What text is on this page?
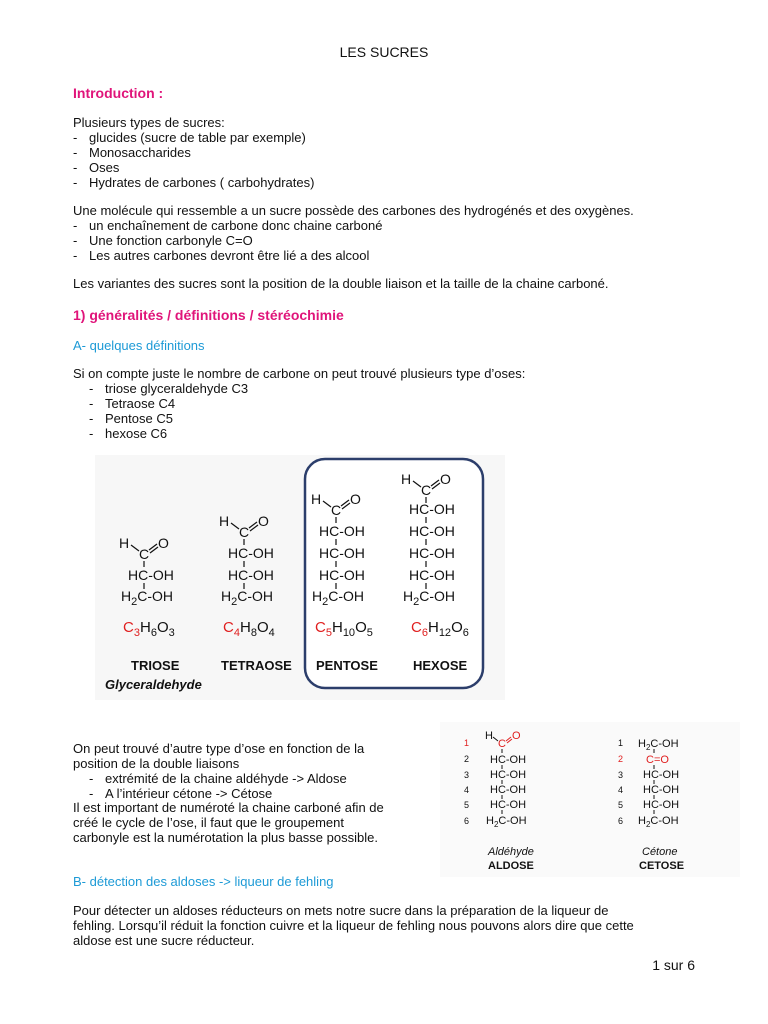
LES SUCRES
Introduction :
Plusieurs types de sucres:
- glucides (sucre de table par exemple)
- Monosaccharides
- Oses
- Hydrates de carbones ( carbohydrates)
Une molécule qui ressemble a un sucre possède des carbones des hydrogénés et des oxygènes.
- un enchaînement de carbone donc chaine carboné
- Une fonction carbonyle C=O
- Les autres carbones devront être lié a des alcool
Les variantes des sucres sont la position de la double liaison et la taille de la chaine carboné.
1) généralités / définitions / stéréochimie
A- quelques définitions
Si on compte juste le nombre de carbone on peut trouvé plusieurs type d’oses:
- triose glyceraldehyde C3
- Tetraose C4
- Pentose C5
- hexose C6
H
C
O
HC-OH
$H_2C-OH$
$C_3H_6O_3$
TRIOSE
Glyceraldehyde
H
C
O
HC-OH
HC-OH
$H_2C-OH$
$C_4H_8O_4$
TETRAOSE
H
C
O
HC-OH
HC-OH
HC-OH
$H_2C-OH$
$C_5H_{10}O_5$
PENTOSE
H
C
O
HC-OH
HC-OH
HC-OH
HC-OH
$H_2C-OH$
$C_6H_{12}O_6$
HEXOSE
On peut trouvé d’autre type d’ose en fonction de la
position de la double liaisons
- extrémité de la chaine aldéhyde -> Aldose
- A l’intérieur cétone -> Cétose
Il est important de numéroté la chaine carboné afin de
créé le cycle de l’ose, il faut que le groupement
carbonyle est la numérotation la plus basse possible.
1
2
3
4
5
6
H
C
O
HC-OH
HC-OH
HC-OH
HC-OH
$H_2C-OH$
Aldéhyde
ALDOSE
1
2
3
4
5
6
$H_2C-OH$
C=O
HC-OH
HC-OH
HC-OH
$H_2C-OH$
Cétone
CETOSE
B- détection des aldoses -> liqueur de fehling
Pour détecter un aldoses réducteurs on mets notre sucre dans la préparation de la liqueur de
fehling. Lorsqu’il réduit la fonction cuivre et la liqueur de fehling nous pouvons alors dire que cette
aldose est une sucre réducteur.
1 sur 6
